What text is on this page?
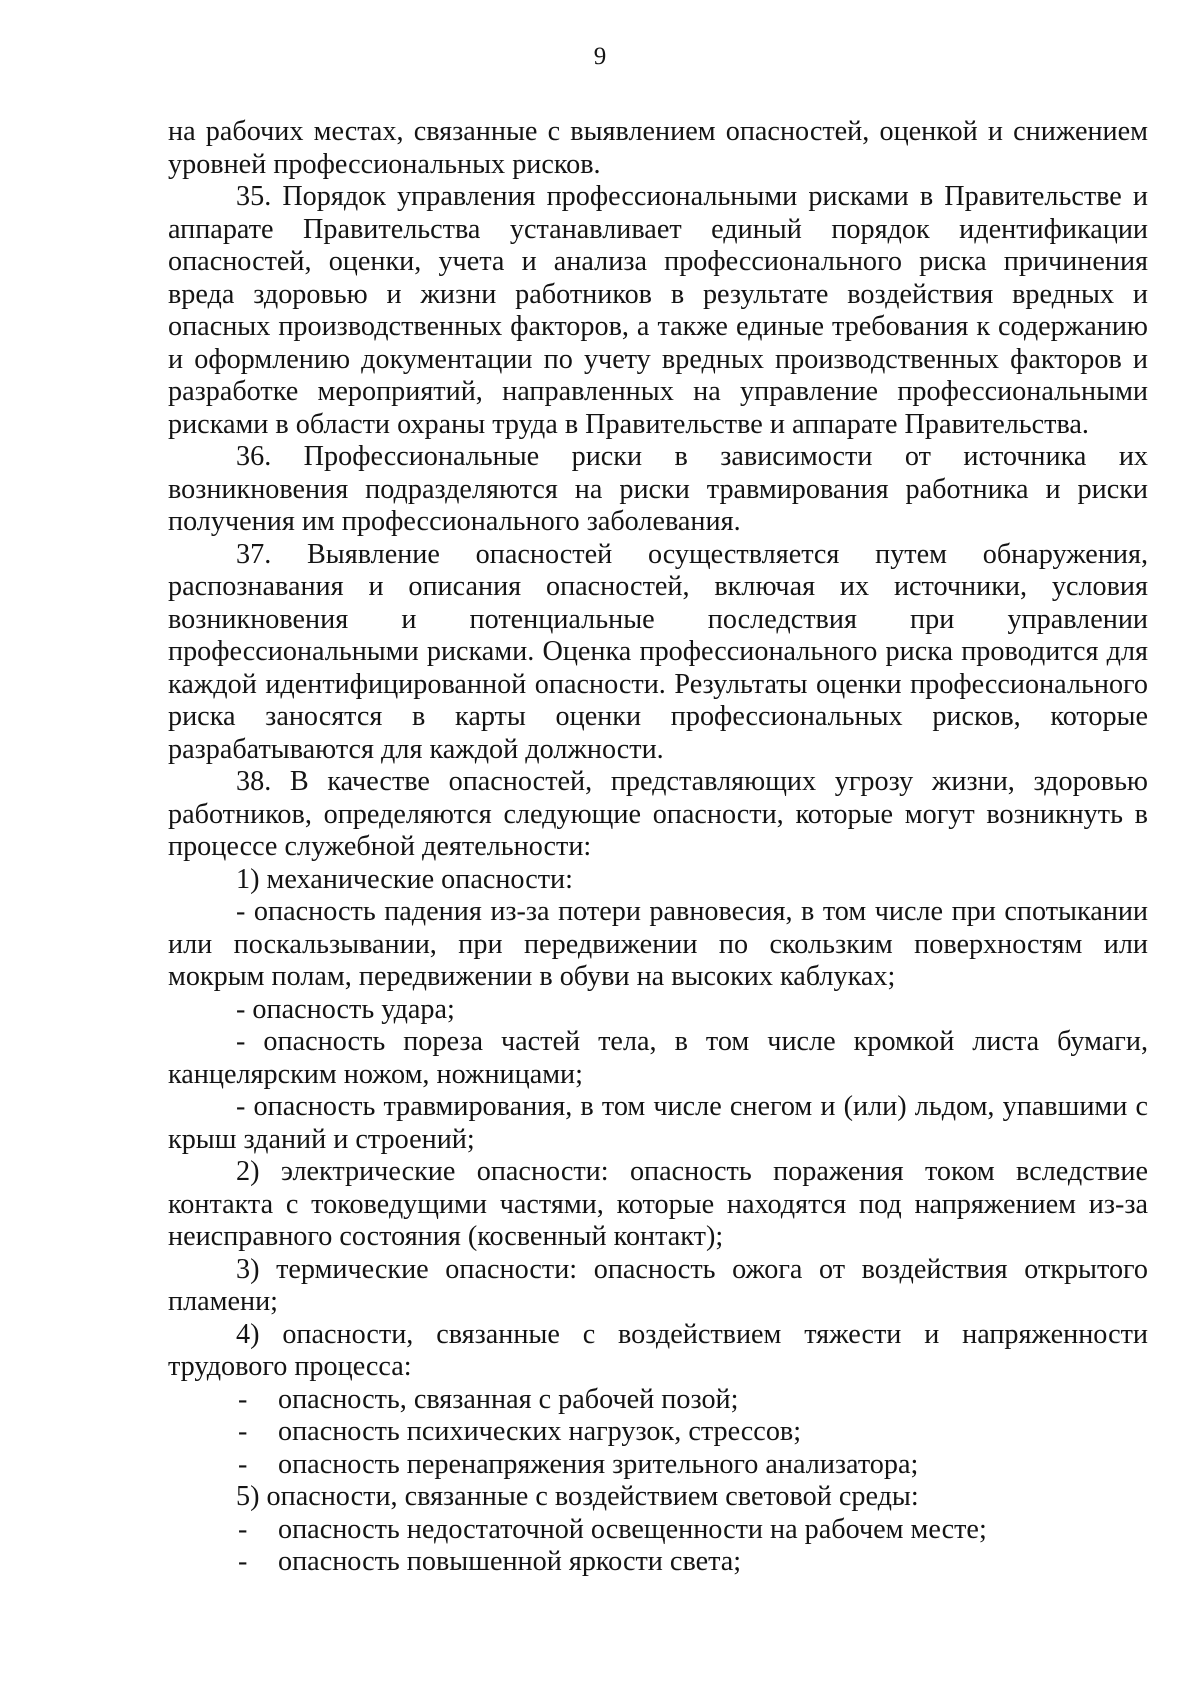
9

на рабочих местах, связанные с выявлением опасностей, оценкой и снижением уровней профессиональных рисков.

35. Порядок управления профессиональными рисками в Правительстве и аппарате Правительства устанавливает единый порядок идентификации опасностей, оценки, учета и анализа профессионального риска причинения вреда здоровью и жизни работников в результате воздействия вредных и опасных производственных факторов, а также единые требования к содержанию и оформлению документации по учету вредных производственных факторов и разработке мероприятий, направленных на управление профессиональными рисками в области охраны труда в Правительстве и аппарате Правительства.

36. Профессиональные риски в зависимости от источника их возникновения подразделяются на риски травмирования работника и риски получения им профессионального заболевания.

37. Выявление опасностей осуществляется путем обнаружения, распознавания и описания опасностей, включая их источники, условия возникновения и потенциальные последствия при управлении профессиональными рисками. Оценка профессионального риска проводится для каждой идентифицированной опасности. Результаты оценки профессионального риска заносятся в карты оценки профессиональных рисков, которые разрабатываются для каждой должности.

38. В качестве опасностей, представляющих угрозу жизни, здоровью работников, определяются следующие опасности, которые могут возникнуть в процессе служебной деятельности:

1) механические опасности:

- опасность падения из-за потери равновесия, в том числе при спотыкании или поскальзывании, при передвижении по скользким поверхностям или мокрым полам, передвижении в обуви на высоких каблуках;

- опасность удара;

- опасность пореза частей тела, в том числе кромкой листа бумаги, канцелярским ножом, ножницами;

- опасность травмирования, в том числе снегом и (или) льдом, упавшими с крыш зданий и строений;

2) электрические опасности: опасность поражения током вследствие контакта с токоведущими частями, которые находятся под напряжением из-за неисправного состояния (косвенный контакт);

3) термические опасности: опасность ожога от воздействия открытого пламени;

4) опасности, связанные с воздействием тяжести и напряженности трудового процесса:

-	опасность, связанная с рабочей позой;
-	опасность психических нагрузок, стрессов;
-	опасность перенапряжения зрительного анализатора;

5) опасности, связанные с воздействием световой среды:

-	опасность недостаточной освещенности на рабочем месте;
-	опасность повышенной яркости света;
